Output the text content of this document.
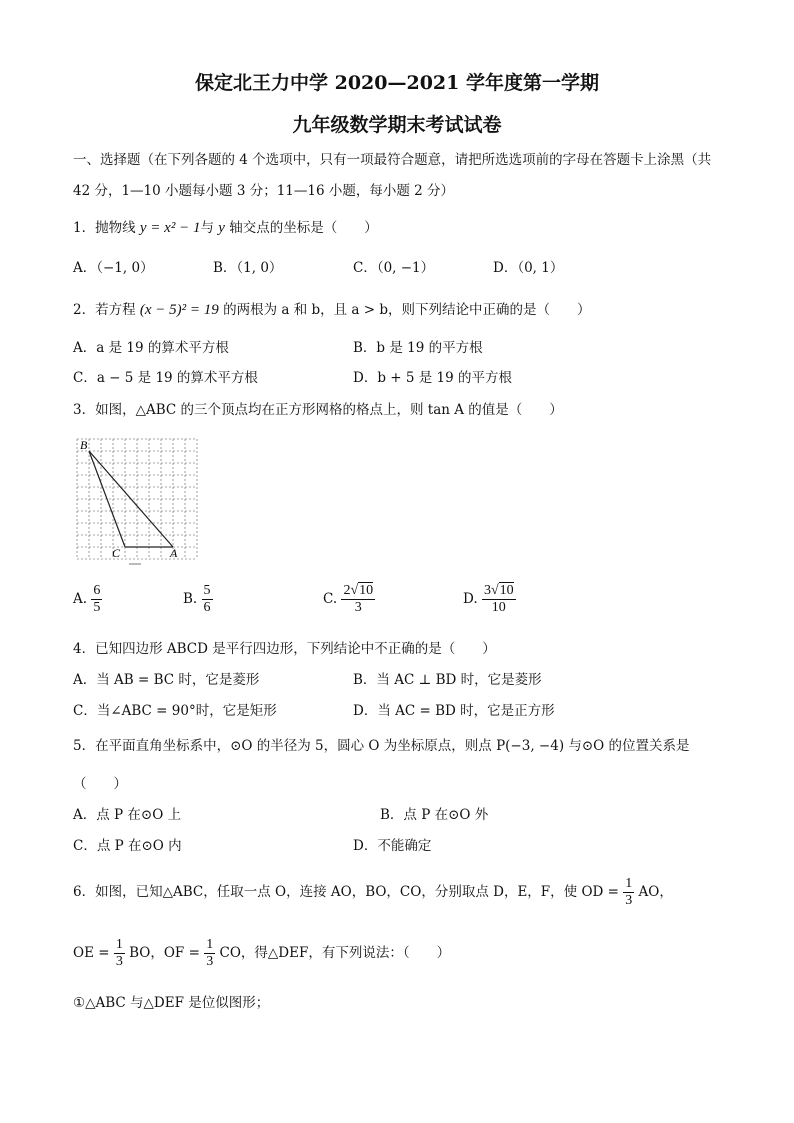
保定北王力中学 2020—2021 学年度第一学期
九年级数学期末考试试卷
一、选择题（在下列各题的 4 个选项中，只有一项最符合题意，请把所选选项前的字母在答题卡上涂黑（共
42 分，1—10 小题每小题 3 分；11—16 小题，每小题 2 分）
1．抛物线 y = x² − 1与 y 轴交点的坐标是（　　）
A．（−1, 0）	B．（1, 0）	C．（0, −1）	D．（0, 1）
2．若方程 (x − 5)² = 19 的两根为 a 和 b，且 a > b，则下列结论中正确的是（　　）
A．a 是 19 的算术平方根	B．b 是 19 的平方根
C．a − 5 是 19 的算术平方根	D．b + 5 是 19 的平方根
3．如图，△ABC 的三个顶点均在正方形网格的格点上，则 tan A 的值是（　　）
B
C	A
A. $\frac{6}{5}$	B. $\frac{5}{6}$	C. $\frac{2√10}{3}$	D. $\frac{3√10}{10}$
4．已知四边形 ABCD 是平行四边形，下列结论中不正确的是（　　）
A．当 AB = BC 时，它是菱形	B．当 AC ⊥ BD 时，它是菱形
C．当∠ABC = 90°时，它是矩形	D．当 AC = BD 时，它是正方形
5．在平面直角坐标系中，⊙O 的半径为 5，圆心 O 为坐标原点，则点 P(−3, −4) 与⊙O 的位置关系是
（　　）
A．点 P 在⊙O 上	B．点 P 在⊙O 外
C．点 P 在⊙O 内	D．不能确定
6．如图，已知△ABC，任取一点 O，连接 AO，BO，CO，分别取点 D，E，F，使 OD = $\frac{1}{3}$ AO，
OE = $\frac{1}{3}$ BO，OF = $\frac{1}{3}$ CO，得△DEF，有下列说法：（　　）
①△ABC 与△DEF 是位似图形；
